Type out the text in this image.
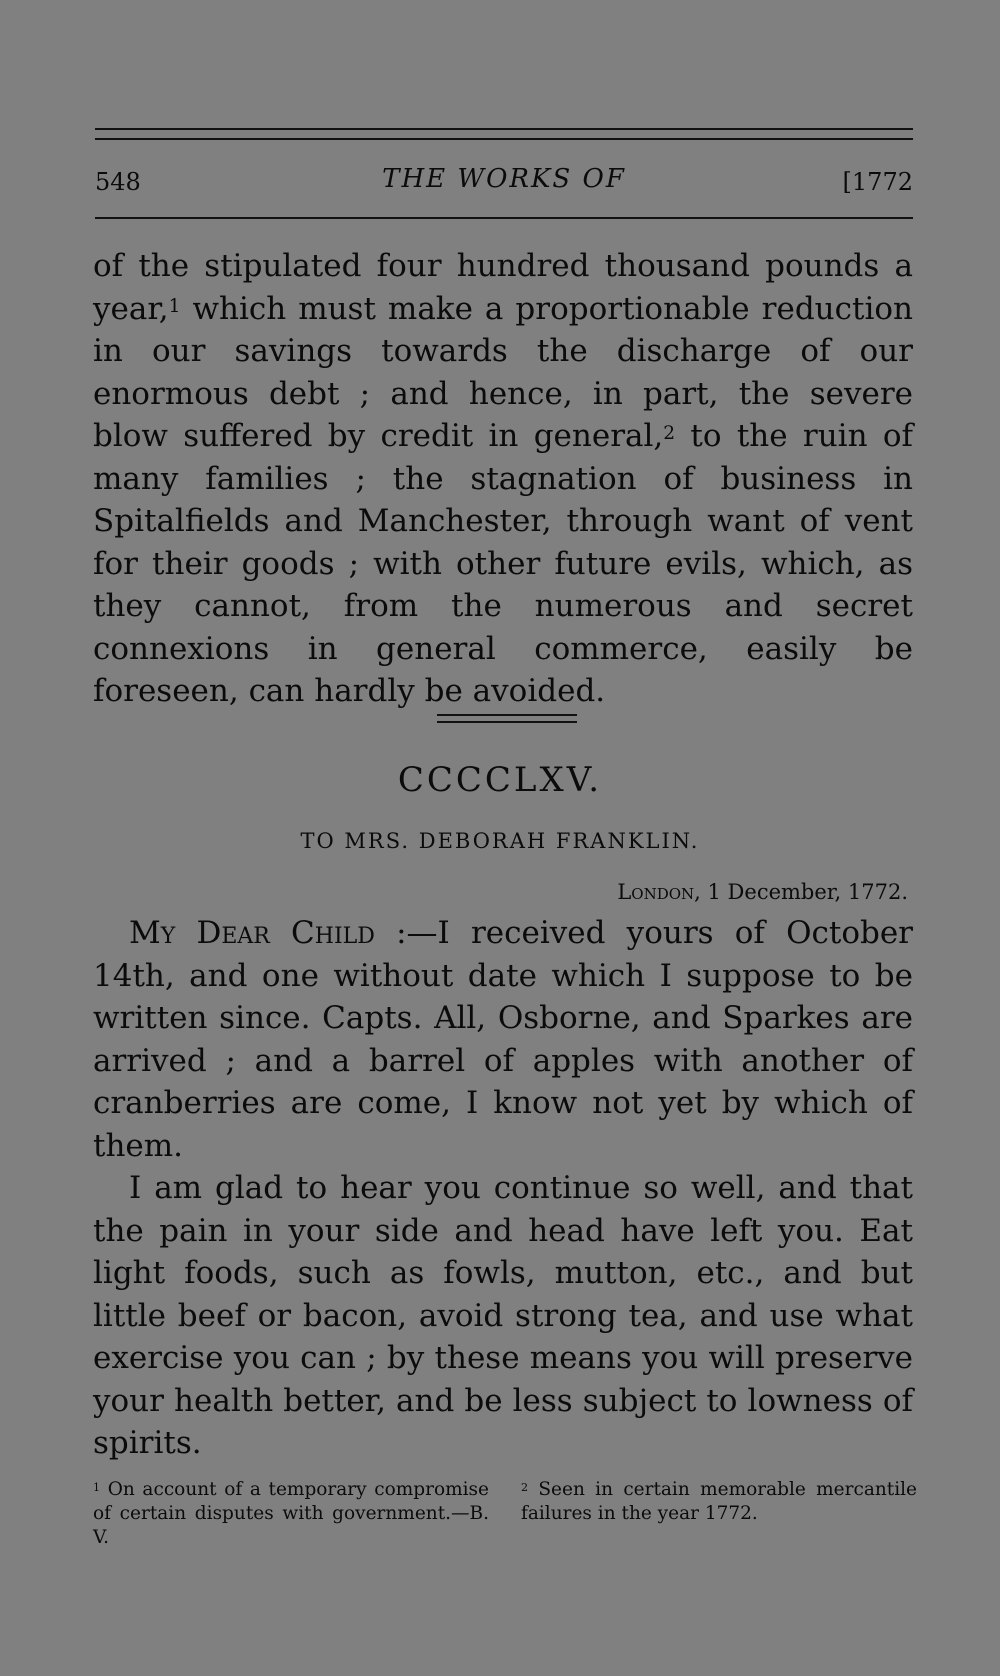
548	THE WORKS OF	[1772

of the stipulated four hundred thousand pounds a year,$^1$ which must make a proportionable reduction in our savings towards the discharge of our enormous debt ; and hence, in part, the severe blow suffered by credit in general,$^2$ to the ruin of many families ; the stagnation of business in Spitalfields and Manchester, through want of vent for their goods ; with other future evils, which, as they cannot, from the numerous and secret connexions in general commerce, easily be foreseen, can hardly be avoided.

CCCCLXV.
TO MRS. DEBORAH FRANKLIN.
London, 1 December, 1772.

My Dear Child :—I received yours of October 14th, and one without date which I suppose to be written since. Capts. All, Osborne, and Sparkes are arrived ; and a barrel of apples with another of cranberries are come, I know not yet by which of them.

I am glad to hear you continue so well, and that the pain in your side and head have left you. Eat light foods, such as fowls, mutton, etc., and but little beef or bacon, avoid strong tea, and use what exercise you can ; by these means you will preserve your health better, and be less subject to lowness of spirits.

$^1$ On account of a temporary compromise of certain disputes with government.—B. V.
$^2$ Seen in certain memorable mercantile failures in the year 1772.
